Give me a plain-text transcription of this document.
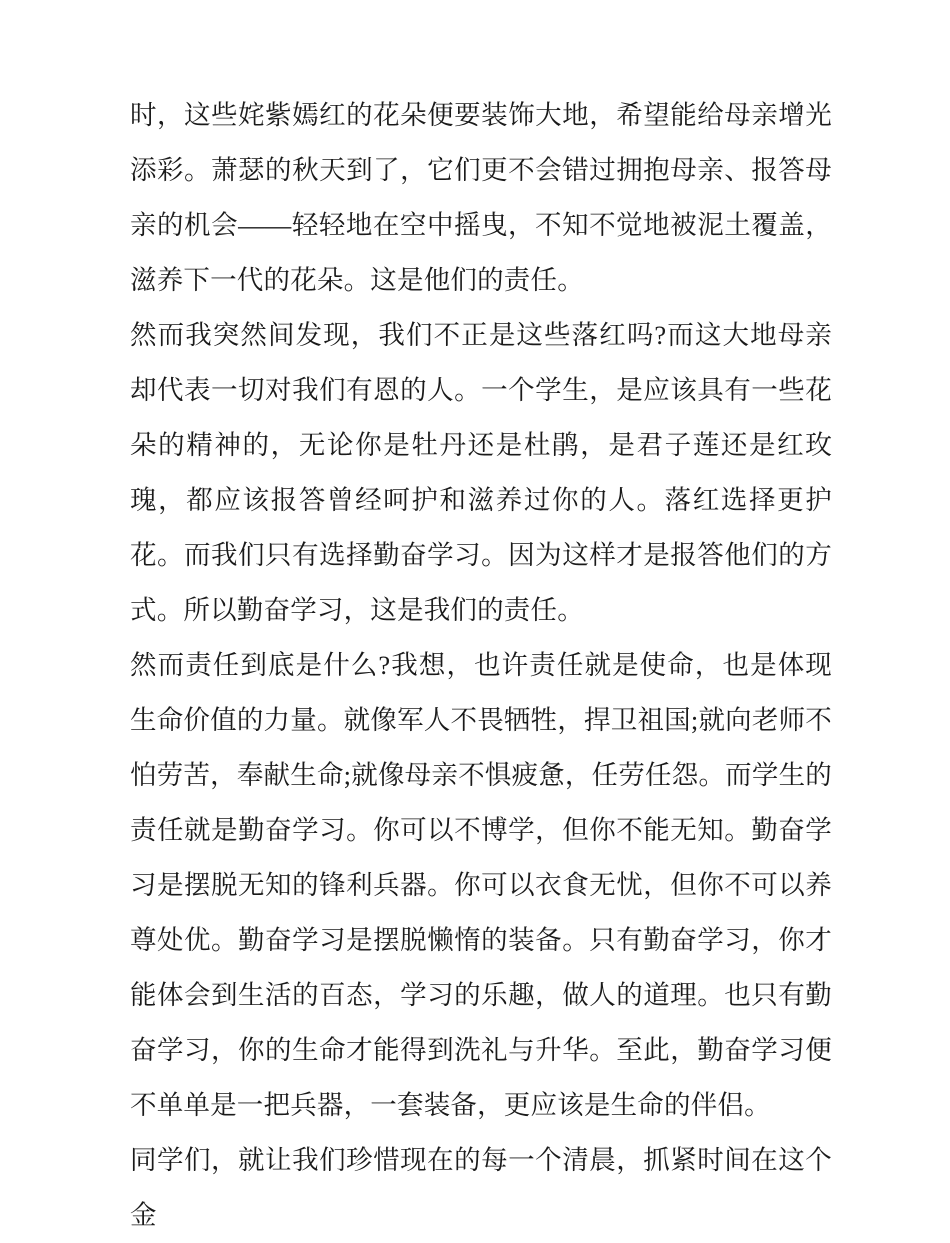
时，这些姹紫嫣红的花朵便要装饰大地，希望能给母亲增光添彩。萧瑟的秋天到了，它们更不会错过拥抱母亲、报答母亲的机会——轻轻地在空中摇曳，不知不觉地被泥土覆盖，滋养下一代的花朵。这是他们的责任。

然而我突然间发现，我们不正是这些落红吗?而这大地母亲却代表一切对我们有恩的人。一个学生，是应该具有一些花朵的精神的，无论你是牡丹还是杜鹃，是君子莲还是红玫瑰，都应该报答曾经呵护和滋养过你的人。落红选择更护花。而我们只有选择勤奋学习。因为这样才是报答他们的方式。所以勤奋学习，这是我们的责任。

然而责任到底是什么?我想，也许责任就是使命，也是体现生命价值的力量。就像军人不畏牺牲，捍卫祖国;就向老师不怕劳苦，奉献生命;就像母亲不惧疲惫，任劳任怨。而学生的责任就是勤奋学习。你可以不博学，但你不能无知。勤奋学习是摆脱无知的锋利兵器。你可以衣食无忧，但你不可以养尊处优。勤奋学习是摆脱懒惰的装备。只有勤奋学习，你才能体会到生活的百态，学习的乐趣，做人的道理。也只有勤奋学习，你的生命才能得到洗礼与升华。至此，勤奋学习便不单单是一把兵器，一套装备，更应该是生命的伴侣。

同学们，就让我们珍惜现在的每一个清晨，抓紧时间在这个金
